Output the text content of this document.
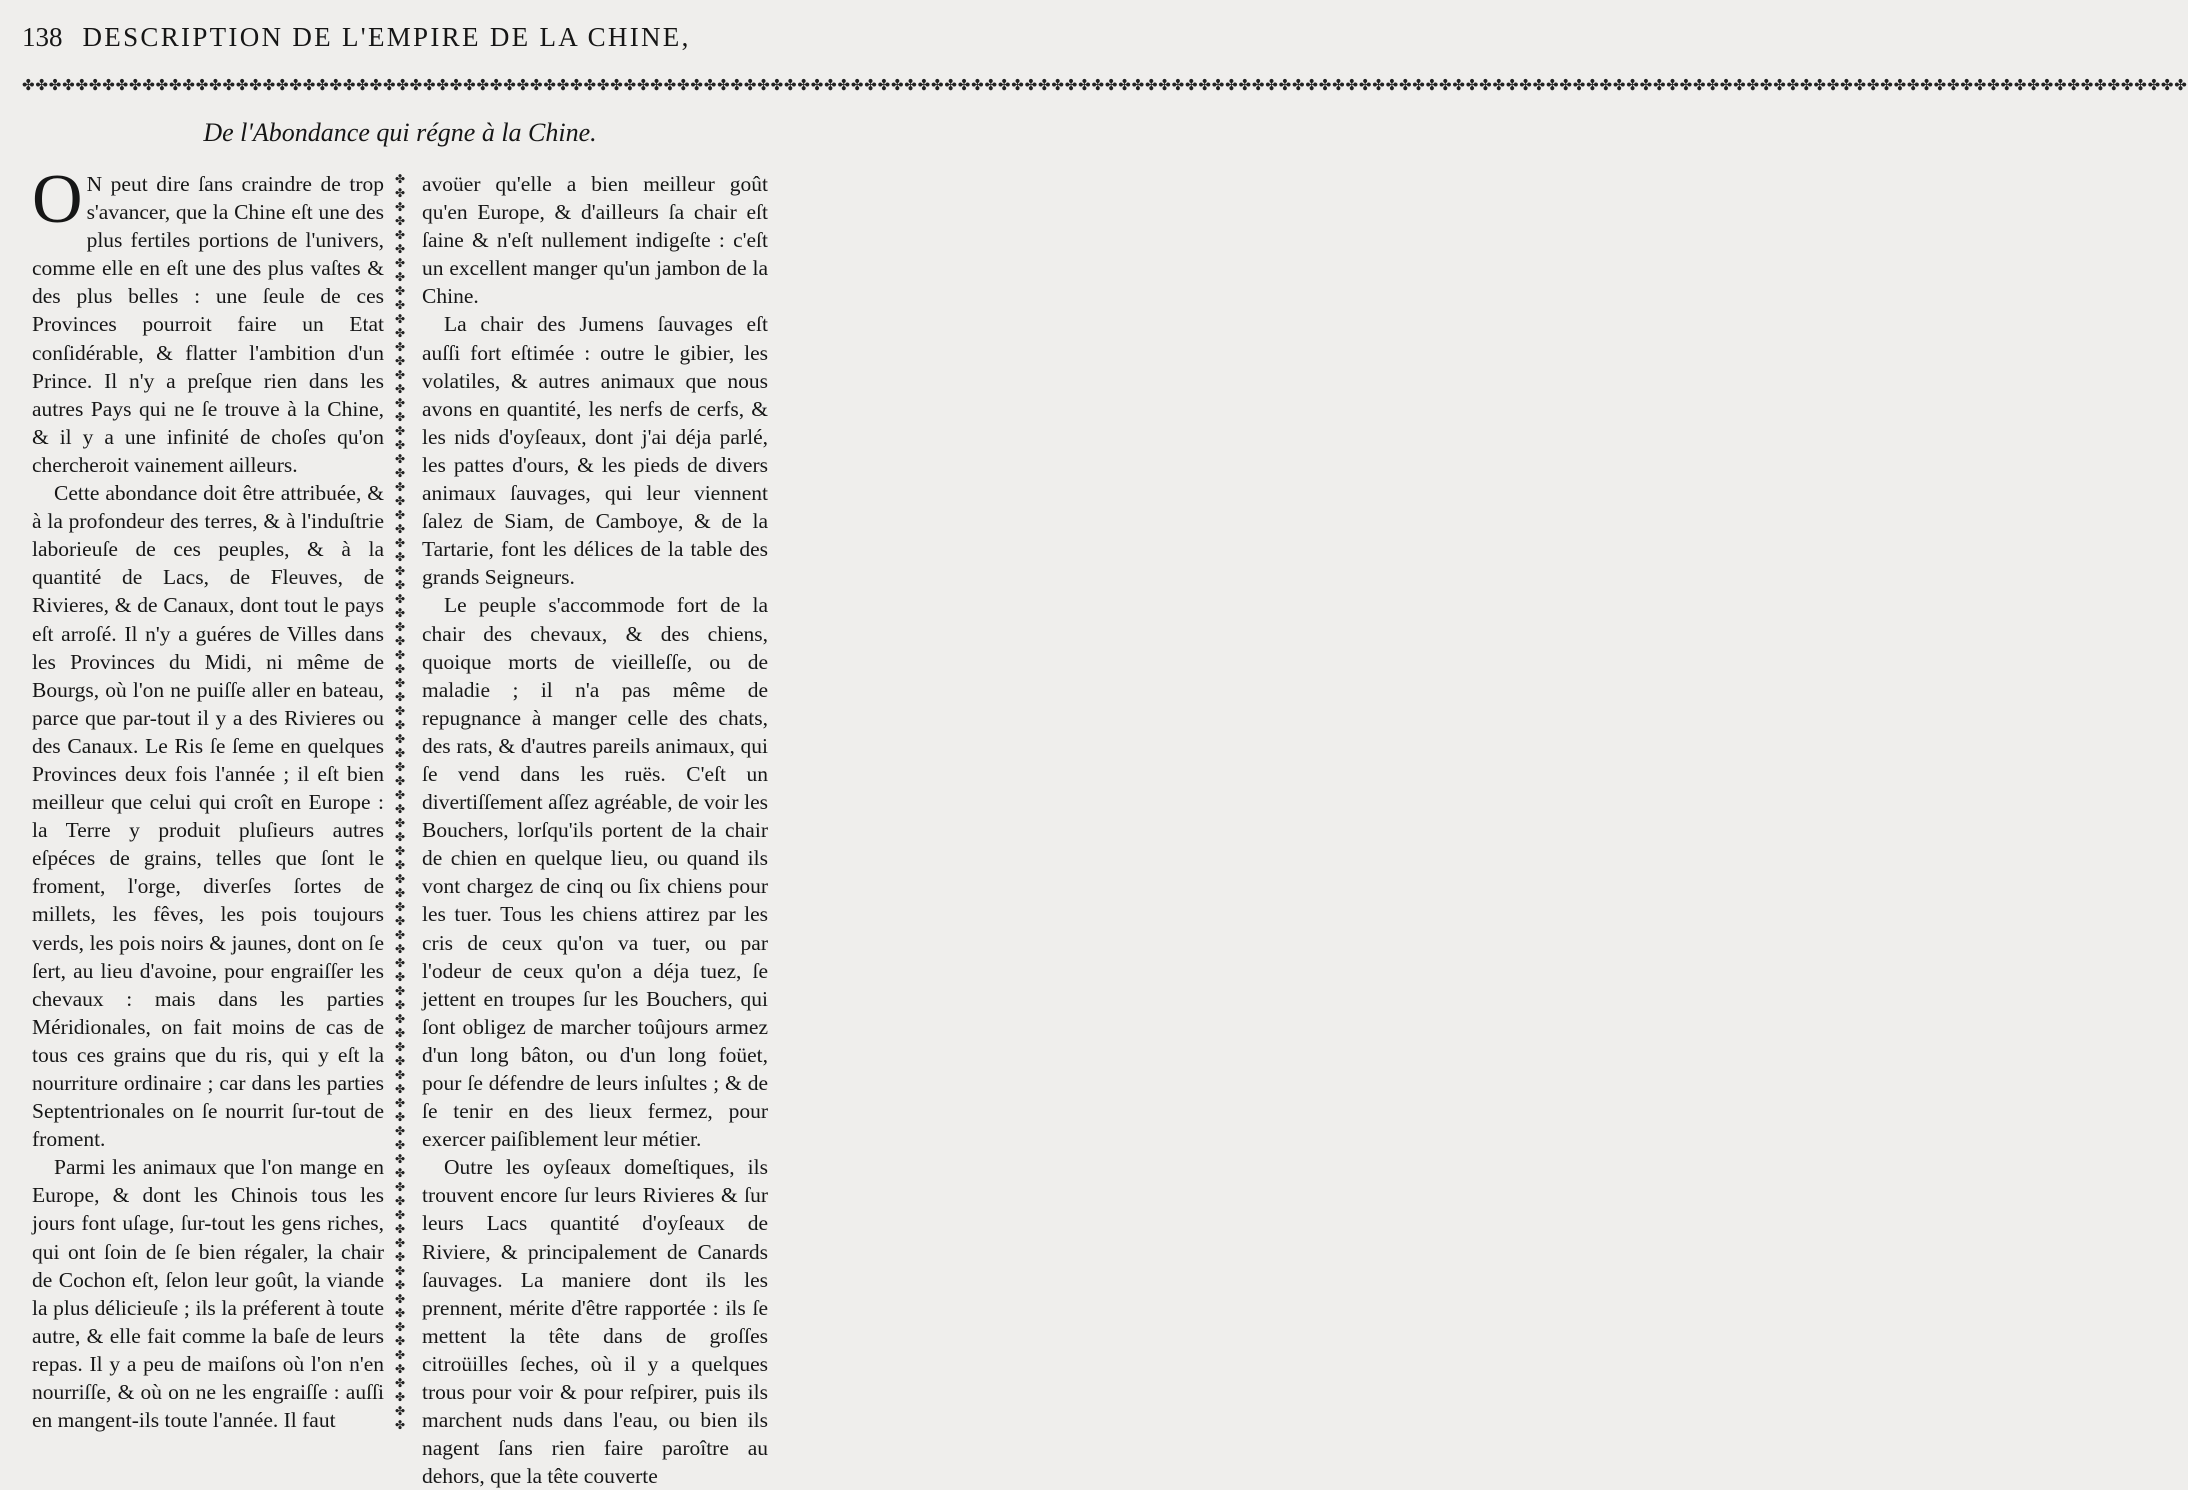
138 DESCRIPTION DE L'EMPIRE DE LA CHINE,
✤✤✤✤✤✤✤✤✤✤✤✤✤✤✤✤✤✤✤✤✤✤✤✤✤✤✤✤✤✤✤✤✤✤✤✤✤✤✤✤✤✤✤✤✤✤✤✤✤✤✤✤✤✤✤✤✤✤✤✤✤✤✤✤✤✤✤✤✤✤✤✤✤✤✤✤✤✤✤✤✤✤✤✤✤✤✤✤✤✤✤✤✤✤✤✤✤✤✤✤✤✤✤✤✤✤✤✤✤✤✤✤✤✤✤✤✤✤✤✤✤✤✤✤✤✤✤✤✤✤✤✤✤✤✤✤✤✤✤✤✤✤✤✤✤✤✤✤✤✤✤✤✤✤✤✤✤✤✤✤✤✤
De l'Abondance qui régne à la Chine.

O N peut dire ſans craindre de trop s'avancer, que la Chine eſt une des plus fertiles portions de l'univers, comme elle en eſt une des plus vaſtes & des plus belles : une ſeule de ces Provinces pourroit faire un Etat conſidérable, & flatter l'ambition d'un Prince. Il n'y a preſque rien dans les autres Pays qui ne ſe trouve à la Chine, & il y a une infinité de choſes qu'on chercheroit vainement ailleurs.

Cette abondance doit être attribuée, & à la profondeur des terres, & à l'induſtrie laborieuſe de ces peuples, & à la quantité de Lacs, de Fleuves, de Rivieres, & de Canaux, dont tout le pays eſt arroſé. Il n'y a guéres de Villes dans les Provinces du Midi, ni même de Bourgs, où l'on ne puiſſe aller en bateau, parce que par-tout il y a des Rivieres ou des Canaux. Le Ris ſe ſeme en quelques Provinces deux fois l'année ; il eſt bien meilleur que celui qui croît en Europe : la Terre y produit pluſieurs autres eſpéces de grains, telles que ſont le froment, l'orge, diverſes ſortes de millets, les fêves, les pois toujours verds, les pois noirs & jaunes, dont on ſe ſert, au lieu d'avoine, pour engraiſſer les chevaux : mais dans les parties Méridionales, on fait moins de cas de tous ces grains que du ris, qui y eſt la nourriture ordinaire ; car dans les parties Septentrionales on ſe nourrit ſur-tout de froment.

Parmi les animaux que l'on mange en Europe, & dont les Chinois tous les jours font uſage, ſur-tout les gens riches, qui ont ſoin de ſe bien régaler, la chair de Cochon eſt, ſelon leur goût, la viande la plus délicieuſe ; ils la préferent à toute autre, & elle fait comme la baſe de leurs repas. Il y a peu de maiſons où l'on n'en nourriſſe, & où on ne les engraiſſe : auſſi en mangent-ils toute l'année. Il faut

✤
✤
✤
✤
✤
✤
✤
✤
✤
✤
✤
✤
✤
✤
✤
✤
✤
✤
✤
✤
✤
✤
✤
✤
✤
✤
✤
✤
✤
✤
✤
✤
✤
✤
✤
✤
✤
✤
✤
✤
✤
✤
✤
✤
✤
✤
✤
✤
✤
✤
✤
✤
✤
✤
✤
✤
✤
✤
✤
✤
✤
✤
✤
✤
✤
✤
✤
✤
✤
✤
✤
✤
✤
✤
✤
✤
✤
✤
✤
✤
✤
✤
✤
✤
✤
✤
✤
✤
✤
✤

avoüer qu'elle a bien meilleur goût qu'en Europe, & d'ailleurs ſa chair eſt ſaine & n'eſt nullement indigeſte : c'eſt un excellent manger qu'un jambon de la Chine.

La chair des Jumens ſauvages eſt auſſi fort eſtimée : outre le gibier, les volatiles, & autres animaux que nous avons en quantité, les nerfs de cerfs, & les nids d'oyſeaux, dont j'ai déja parlé, les pattes d'ours, & les pieds de divers animaux ſauvages, qui leur viennent ſalez de Siam, de Camboye, & de la Tartarie, font les délices de la table des grands Seigneurs.

Le peuple s'accommode fort de la chair des chevaux, & des chiens, quoique morts de vieilleſſe, ou de maladie ; il n'a pas même de repugnance à manger celle des chats, des rats, & d'autres pareils animaux, qui ſe vend dans les ruës. C'eſt un divertiſſement aſſez agréable, de voir les Bouchers, lorſqu'ils portent de la chair de chien en quelque lieu, ou quand ils vont chargez de cinq ou ſix chiens pour les tuer. Tous les chiens attirez par les cris de ceux qu'on va tuer, ou par l'odeur de ceux qu'on a déja tuez, ſe jettent en troupes ſur les Bouchers, qui ſont obligez de marcher toûjours armez d'un long bâton, ou d'un long foüet, pour ſe défendre de leurs inſultes ; & de ſe tenir en des lieux fermez, pour exercer paiſiblement leur métier.

Outre les oyſeaux domeſtiques, ils trouvent encore ſur leurs Rivieres & ſur leurs Lacs quantité d'oyſeaux de Riviere, & principalement de Canards ſauvages. La maniere dont ils les prennent, mérite d'être rapportée : ils ſe mettent la tête dans de groſſes citroüilles ſeches, où il y a quelques trous pour voir & pour reſpirer, puis ils marchent nuds dans l'eau, ou bien ils nagent ſans rien faire paroître au dehors, que la tête couverte
